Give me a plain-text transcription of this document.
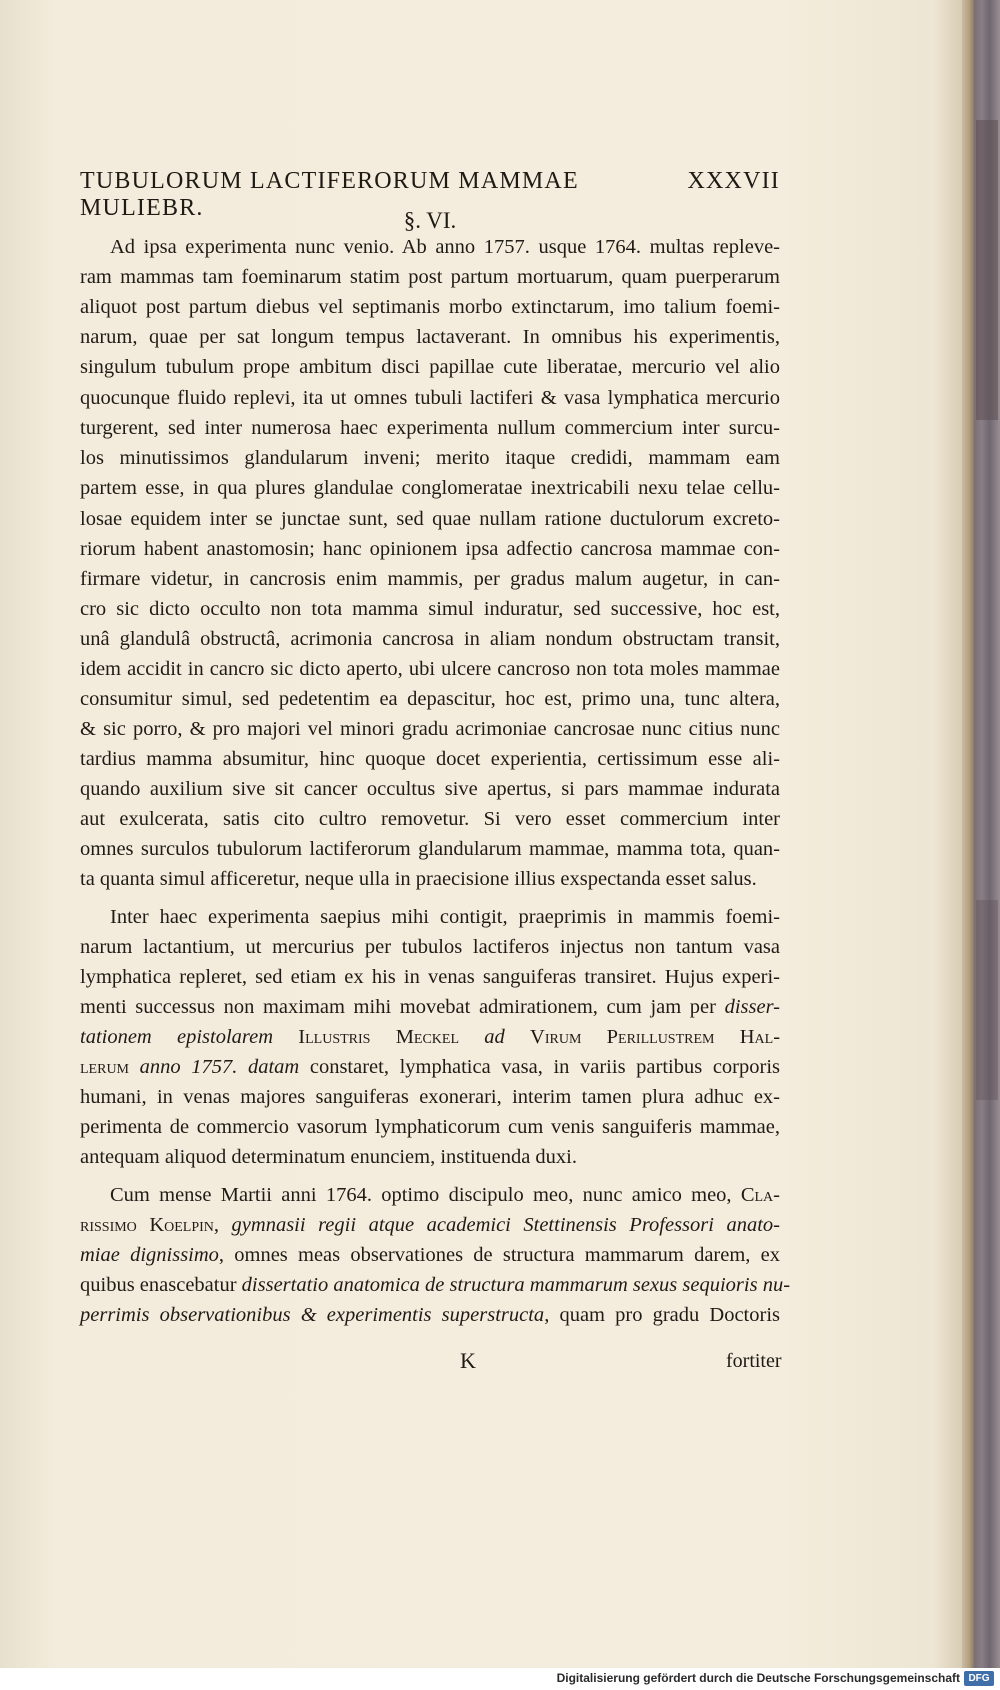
TUBULORUM LACTIFERORUM MAMMAE MULIEBR.
XXXVII
§. VI.
Ad ipsa experimenta nunc venio. Ab anno 1757. usque 1764. multas repleve-
ram mammas tam foeminarum statim post partum mortuarum, quam puerperarum
aliquot post partum diebus vel septimanis morbo extinctarum, imo talium foemi-
narum, quae per sat longum tempus lactaverant. In omnibus his experimentis,
singulum tubulum prope ambitum disci papillae cute liberatae, mercurio vel alio
quocunque fluido replevi, ita ut omnes tubuli lactiferi & vasa lymphatica mercurio
turgerent, sed inter numerosa haec experimenta nullum commercium inter surcu-
los minutissimos glandularum inveni; merito itaque credidi, mammam eam
partem esse, in qua plures glandulae conglomeratae inextricabili nexu telae cellu-
losae equidem inter se junctae sunt, sed quae nullam ratione ductulorum excreto-
riorum habent anastomosin; hanc opinionem ipsa adfectio cancrosa mammae con-
firmare videtur, in cancrosis enim mammis, per gradus malum augetur, in can-
cro sic dicto occulto non tota mamma simul induratur, sed successive, hoc est,
unâ glandulâ obstructâ, acrimonia cancrosa in aliam nondum obstructam transit,
idem accidit in cancro sic dicto aperto, ubi ulcere cancroso non tota moles mammae
consumitur simul, sed pedetentim ea depascitur, hoc est, primo una, tunc altera,
& sic porro, & pro majori vel minori gradu acrimoniae cancrosae nunc citius nunc
tardius mamma absumitur, hinc quoque docet experientia, certissimum esse ali-
quando auxilium sive sit cancer occultus sive apertus, si pars mammae indurata
aut exulcerata, satis cito cultro removetur. Si vero esset commercium inter
omnes surculos tubulorum lactiferorum glandularum mammae, mamma tota, quan-
ta quanta simul afficeretur, neque ulla in praecisione illius exspectanda esset salus.
Inter haec experimenta saepius mihi contigit, praeprimis in mammis foemi-
narum lactantium, ut mercurius per tubulos lactiferos injectus non tantum vasa
lymphatica repleret, sed etiam ex his in venas sanguiferas transiret. Hujus experi-
menti successus non maximam mihi movebat admirationem, cum jam per disser-
tationem epistolarem Illustris Meckel ad Virum Perillustrem Hal-
lerum anno 1757. datam constaret, lymphatica vasa, in variis partibus corporis
humani, in venas majores sanguiferas exonerari, interim tamen plura adhuc ex-
perimenta de commercio vasorum lymphaticorum cum venis sanguiferis mammae,
antequam aliquod determinatum enunciem, instituenda duxi.
Cum mense Martii anni 1764. optimo discipulo meo, nunc amico meo, Cla-
rissimo Koelpin, gymnasii regii atque academici Stettinensis Professori anato-
miae dignissimo, omnes meas observationes de structura mammarum darem, ex
quibus enascebatur dissertatio anatomica de structura mammarum sexus sequioris nu-
perrimis observationibus & experimentis superstructa, quam pro gradu Doctoris
K	fortiter
Digitalisierung gefördert durch die Deutsche Forschungsgemeinschaft DFG
